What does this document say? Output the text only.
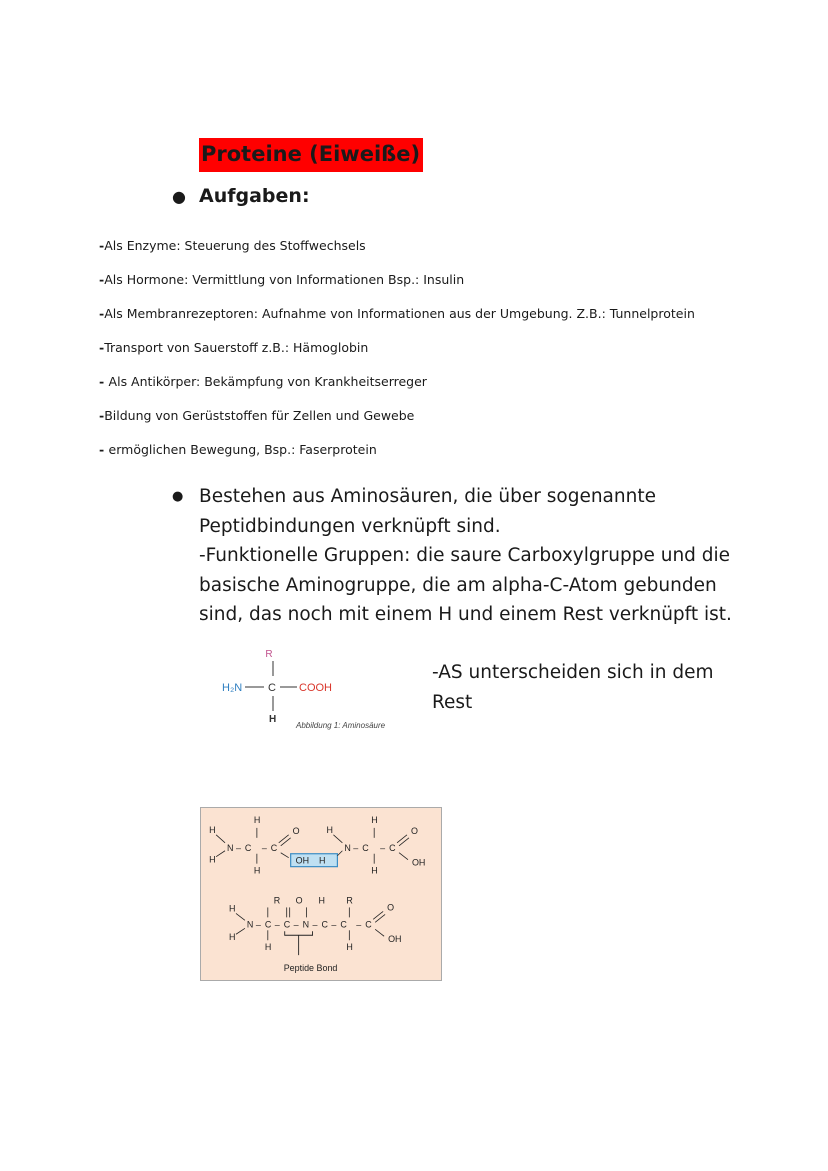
Proteine (Eiweiße)
● Aufgaben:
-Als Enzyme: Steuerung des Stoffwechsels
-Als Hormone: Vermittlung von Informationen Bsp.: Insulin
-Als Membranrezeptoren: Aufnahme von Informationen aus der Umgebung. Z.B.: Tunnelprotein
-Transport von Sauerstoff z.B.: Hämoglobin
- Als Antikörper: Bekämpfung von Krankheitserreger
-Bildung von Gerüststoffen für Zellen und Gewebe
- ermöglichen Bewegung, Bsp.: Faserprotein
● Bestehen aus Aminosäuren, die über sogenannte

Peptidbindungen verknüpft sind.

-Funktionelle Gruppen: die saure Carboxylgruppe und die

basische Aminogruppe, die am alpha-C-Atom gebunden

sind, das noch mit einem H und einem Rest verknüpft ist.

R
H₂N C COOH
H
Abbildung 1: Aminosäure
-AS unterscheiden sich in dem
Rest
H
H
N – C
H
H
– C
O
OH    H
H
N – C
H
H
– C
O
OH
H
H
N – C
R
H
– C
O
– N
H
– C
R
H
– C – C
O
OH
Peptide Bond
